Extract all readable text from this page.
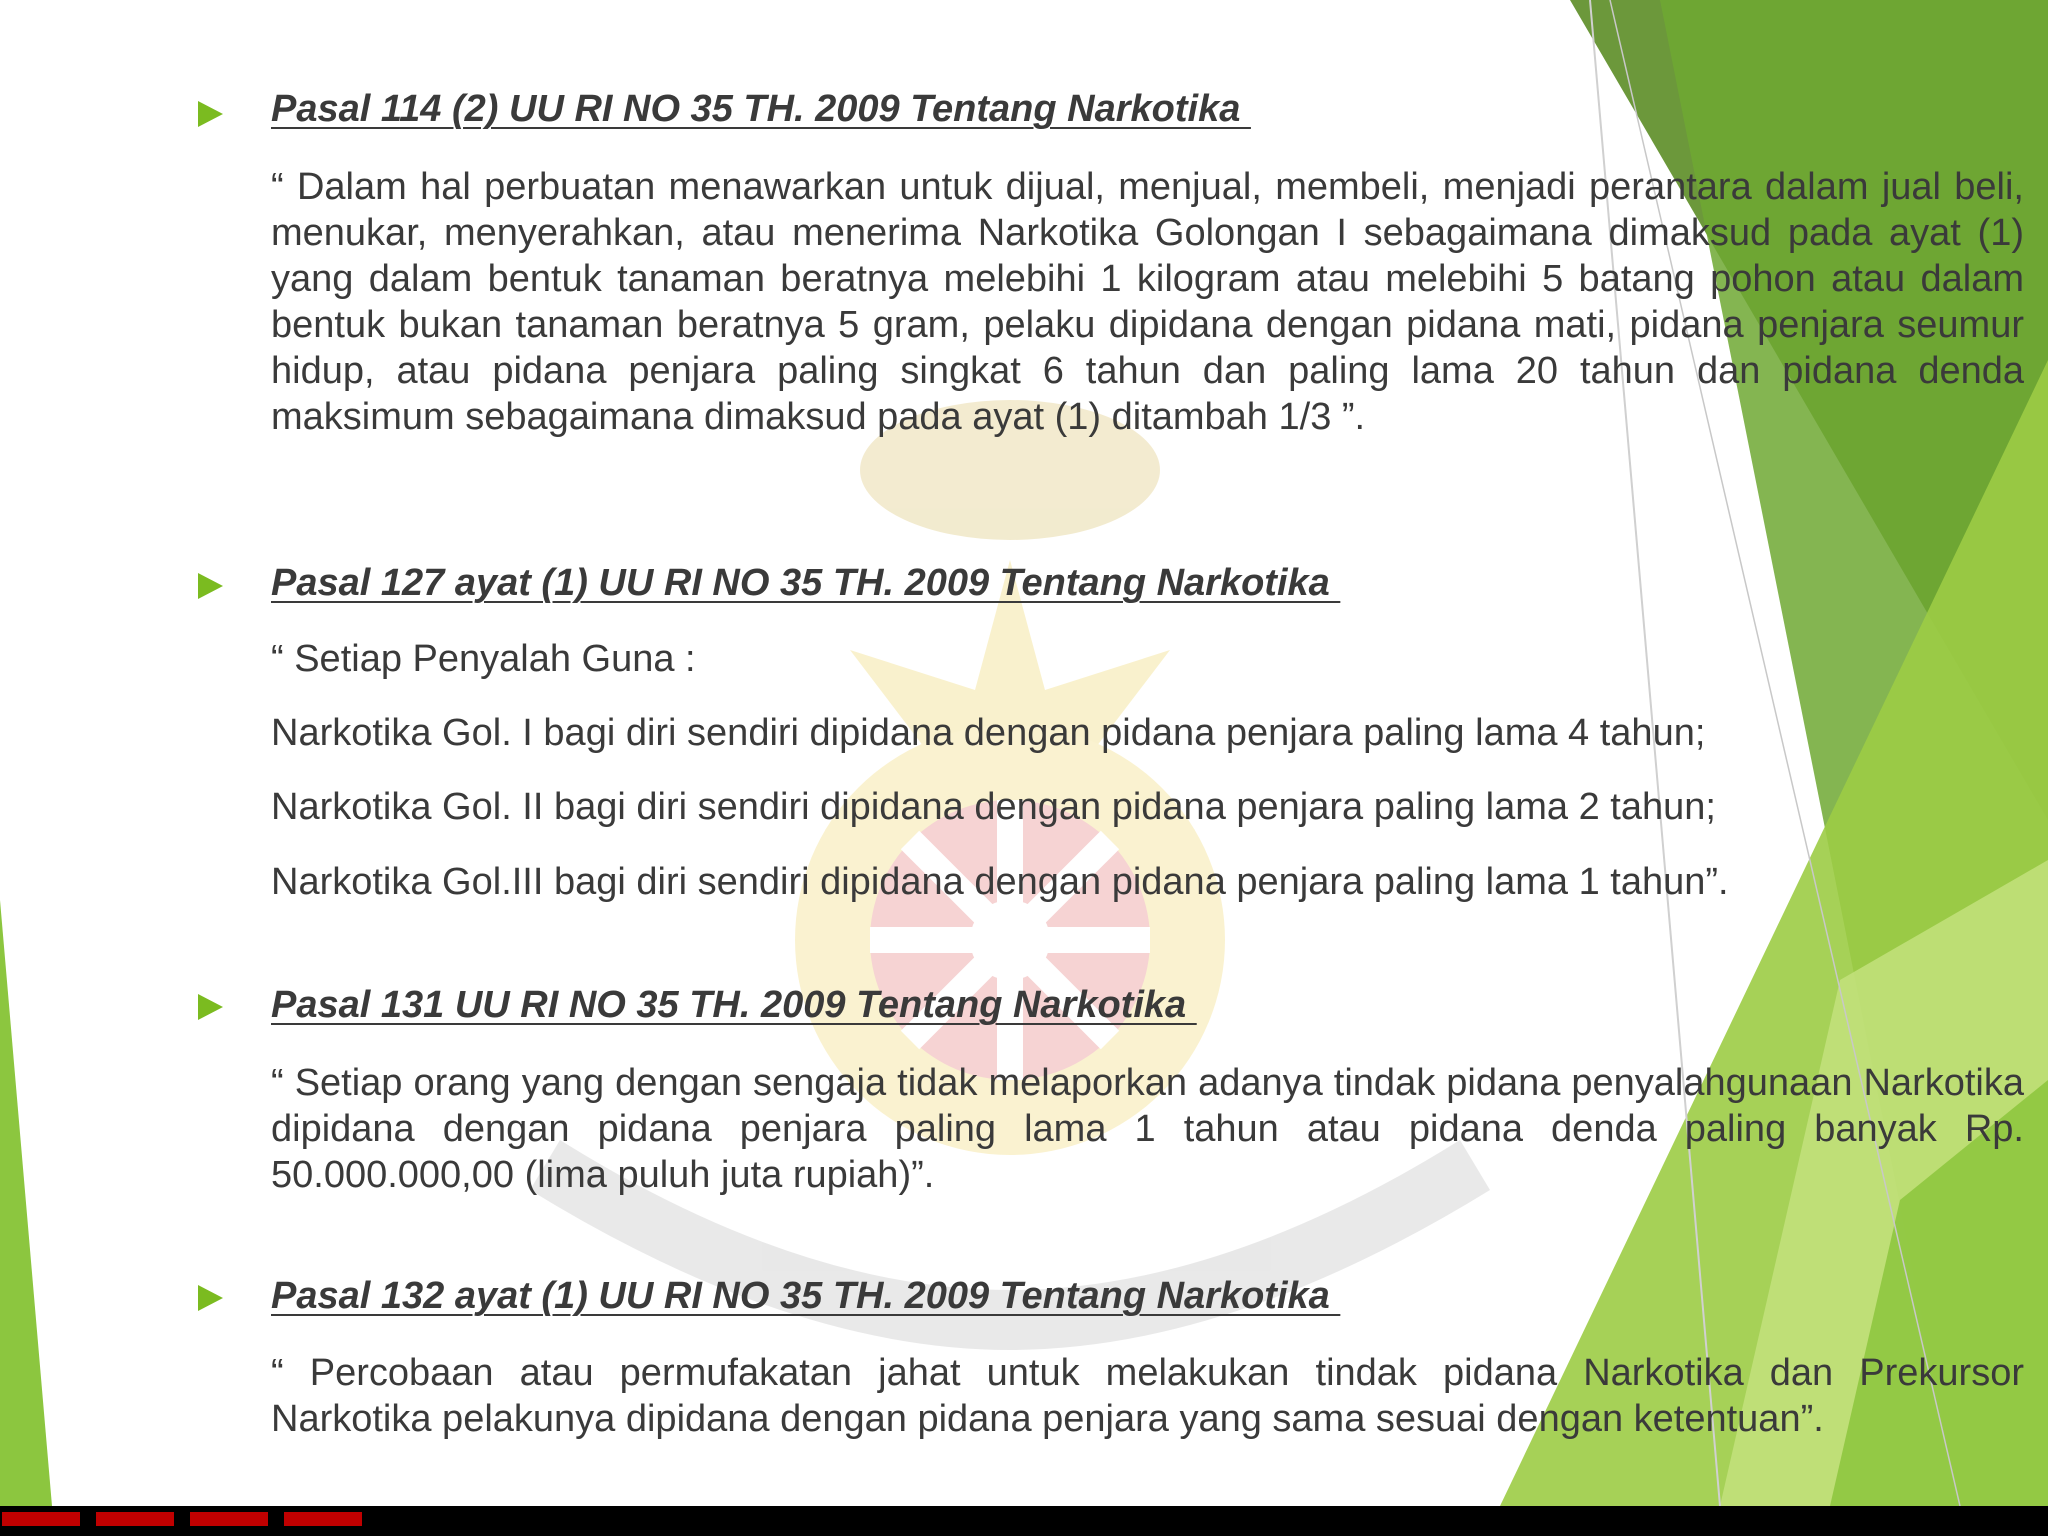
Pasal 114 (2) UU RI NO 35 TH. 2009 Tentang Narkotika

“ Dalam hal perbuatan menawarkan untuk dijual, menjual, membeli, menjadi perantara dalam jual beli, menukar, menyerahkan, atau menerima Narkotika Golongan I sebagaimana dimaksud pada ayat (1) yang dalam bentuk tanaman beratnya melebihi 1 kilogram atau melebihi 5 batang pohon atau dalam bentuk bukan tanaman beratnya 5 gram, pelaku dipidana dengan pidana mati, pidana penjara seumur hidup, atau pidana penjara paling singkat 6 tahun dan paling lama 20 tahun dan pidana denda maksimum sebagaimana dimaksud pada ayat (1) ditambah 1/3 ”.

Pasal 127 ayat (1) UU RI NO 35 TH. 2009 Tentang Narkotika

“ Setiap Penyalah Guna :

Narkotika Gol. I bagi diri sendiri dipidana dengan pidana penjara paling lama 4 tahun;

Narkotika Gol. II bagi diri sendiri dipidana dengan pidana penjara paling lama 2 tahun;

Narkotika Gol.III bagi diri sendiri dipidana dengan pidana penjara paling lama 1 tahun”.

Pasal 131 UU RI NO 35 TH. 2009 Tentang Narkotika

“ Setiap orang yang dengan sengaja tidak melaporkan adanya tindak pidana penyalahgunaan Narkotika dipidana dengan pidana penjara paling lama 1 tahun atau pidana denda paling banyak Rp. 50.000.000,00 (lima puluh juta rupiah)”.

Pasal 132 ayat (1) UU RI NO 35 TH. 2009 Tentang Narkotika

“ Percobaan atau permufakatan jahat untuk melakukan tindak pidana Narkotika dan Prekursor Narkotika pelakunya dipidana dengan pidana penjara yang sama sesuai dengan ketentuan”.
